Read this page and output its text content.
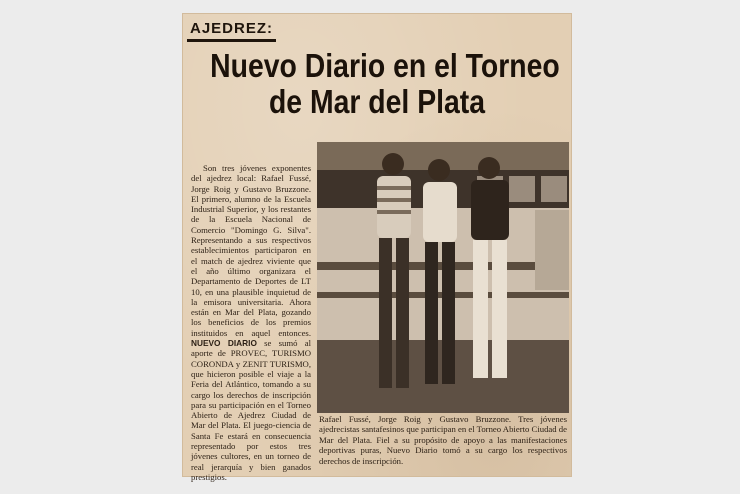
AJEDREZ:
Nuevo Diario en el Torneo
de Mar del Plata

Son tres jóvenes exponentes del ajedrez local: Rafael Fussé, Jorge Roig y Gustavo Bruzzone. El primero, alumno de la Escuela Industrial Superior, y los restantes de la Escuela Nacional de Comercio "Domingo G. Silva". Representando a sus respectivos establecimientos participaron en el match de ajedrez viviente que el año último organizara el Departamento de Deportes de LT 10, en una plausible inquietud de la emisora universitaria. Ahora están en Mar del Plata, gozando los beneficios de los premios instituidos en aquel entonces. NUEVO DIARIO se sumó al aporte de PROVEC, TURISMO CORONDA y ZENIT TURISMO, que hicieron posible el viaje a la Feria del Atlántico, tomando a su cargo los derechos de inscripción para su participación en el Torneo Abierto de Ajedrez Ciudad de Mar del Plata. El juego-ciencia de Santa Fe estará en consecuencia representado por estos tres jóvenes cultores, en un torneo de real jerarquía y bien ganados prestigios.

Rafael Fussé, Jorge Roig y Gustavo Bruzzone. Tres jóvenes ajedrecistas santafesinos que participan en el Torneo Abierto Ciudad de Mar del Plata. Fiel a su propósito de apoyo a las manifestaciones deportivas puras, Nuevo Diario tomó a su cargo los respectivos derechos de inscripción.
